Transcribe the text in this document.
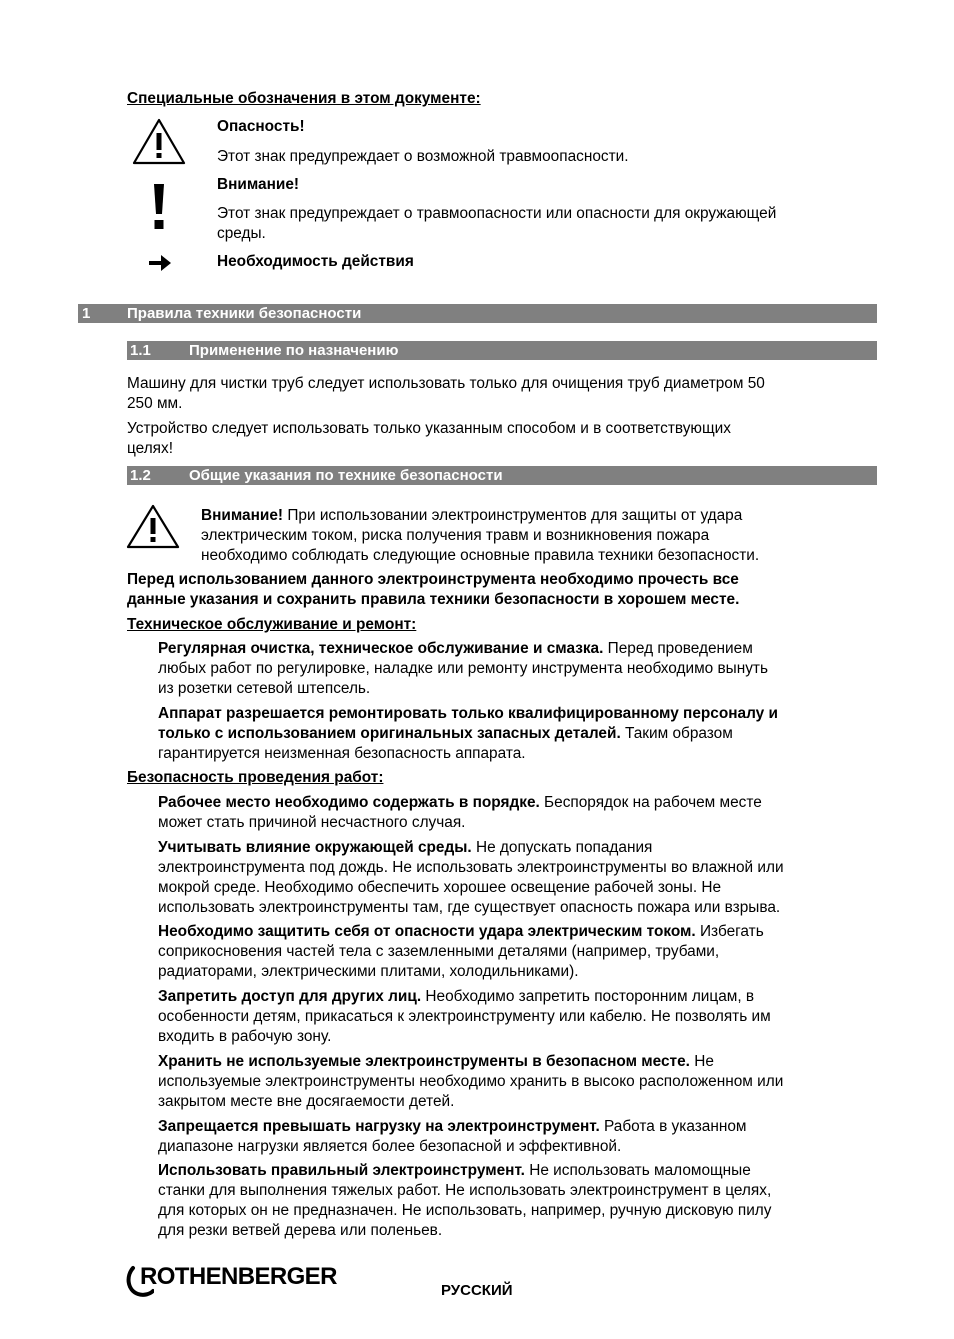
Специальные обозначения в этом документе:
Опасность!
Этот знак предупреждает о возможной травмоопасности.
Внимание!
Этот знак предупреждает о травмоопасности или опасности для окружающей
среды.
Необходимость действия
1 Правила техники безопасности
1.1	Применение по назначению
Машину для чистки труб следует использовать только для очищения труб диаметром 50
250 мм.
Устройство следует использовать только указанным способом и в соответствующих
целях!
1.2	Общие указания по технике безопасности
Внимание! При использовании электроинструментов для защиты от удара
электрическим током, риска получения травм и возникновения пожара
необходимо соблюдать следующие основные правила техники безопасности.
Перед использованием данного электроинструмента необходимо прочесть все
данные указания и сохранить правила техники безопасности в хорошем месте.
Техническое обслуживание и ремонт:
Регулярная очистка, техническое обслуживание и смазка. Перед проведением
любых работ по регулировке, наладке или ремонту инструмента необходимо вынуть
из розетки сетевой штепсель.
Аппарат разрешается ремонтировать только квалифицированному персоналу и
только с использованием оригинальных запасных деталей. Таким образом
гарантируется неизменная безопасность аппарата.
Безопасность проведения работ:
Рабочее место необходимо содержать в порядке. Беспорядок на рабочем месте
может стать причиной несчастного случая.
Учитывать влияние окружающей среды. Не допускать попадания
электроинструмента под дождь. Не использовать электроинструменты во влажной или
мокрой среде. Необходимо обеспечить хорошее освещение рабочей зоны. Не
использовать электроинструменты там, где существует опасность пожара или взрыва.
Необходимо защитить себя от опасности удара электрическим током. Избегать
соприкосновения частей тела с заземленными деталями (например, трубами,
радиаторами, электрическими плитами, холодильниками).
Запретить доступ для других лиц. Необходимо запретить посторонним лицам, в
особенности детям, прикасаться к электроинструменту или кабелю. Не позволять им
входить в рабочую зону.
Хранить не используемые электроинструменты в безопасном месте. Не
используемые электроинструменты необходимо хранить в высоко расположенном или
закрытом месте вне досягаемости детей.
Запрещается превышать нагрузку на электроинструмент. Работа в указанном
диапазоне нагрузки является более безопасной и эффективной.
Использовать правильный электроинструмент. Не использовать маломощные
станки для выполнения тяжелых работ. Не использовать электроинструмент в целях,
для которых он не предназначен. Не использовать, например, ручную дисковую пилу
для резки ветвей дерева или поленьев.
ROTHENBERGER
РУССКИЙ
